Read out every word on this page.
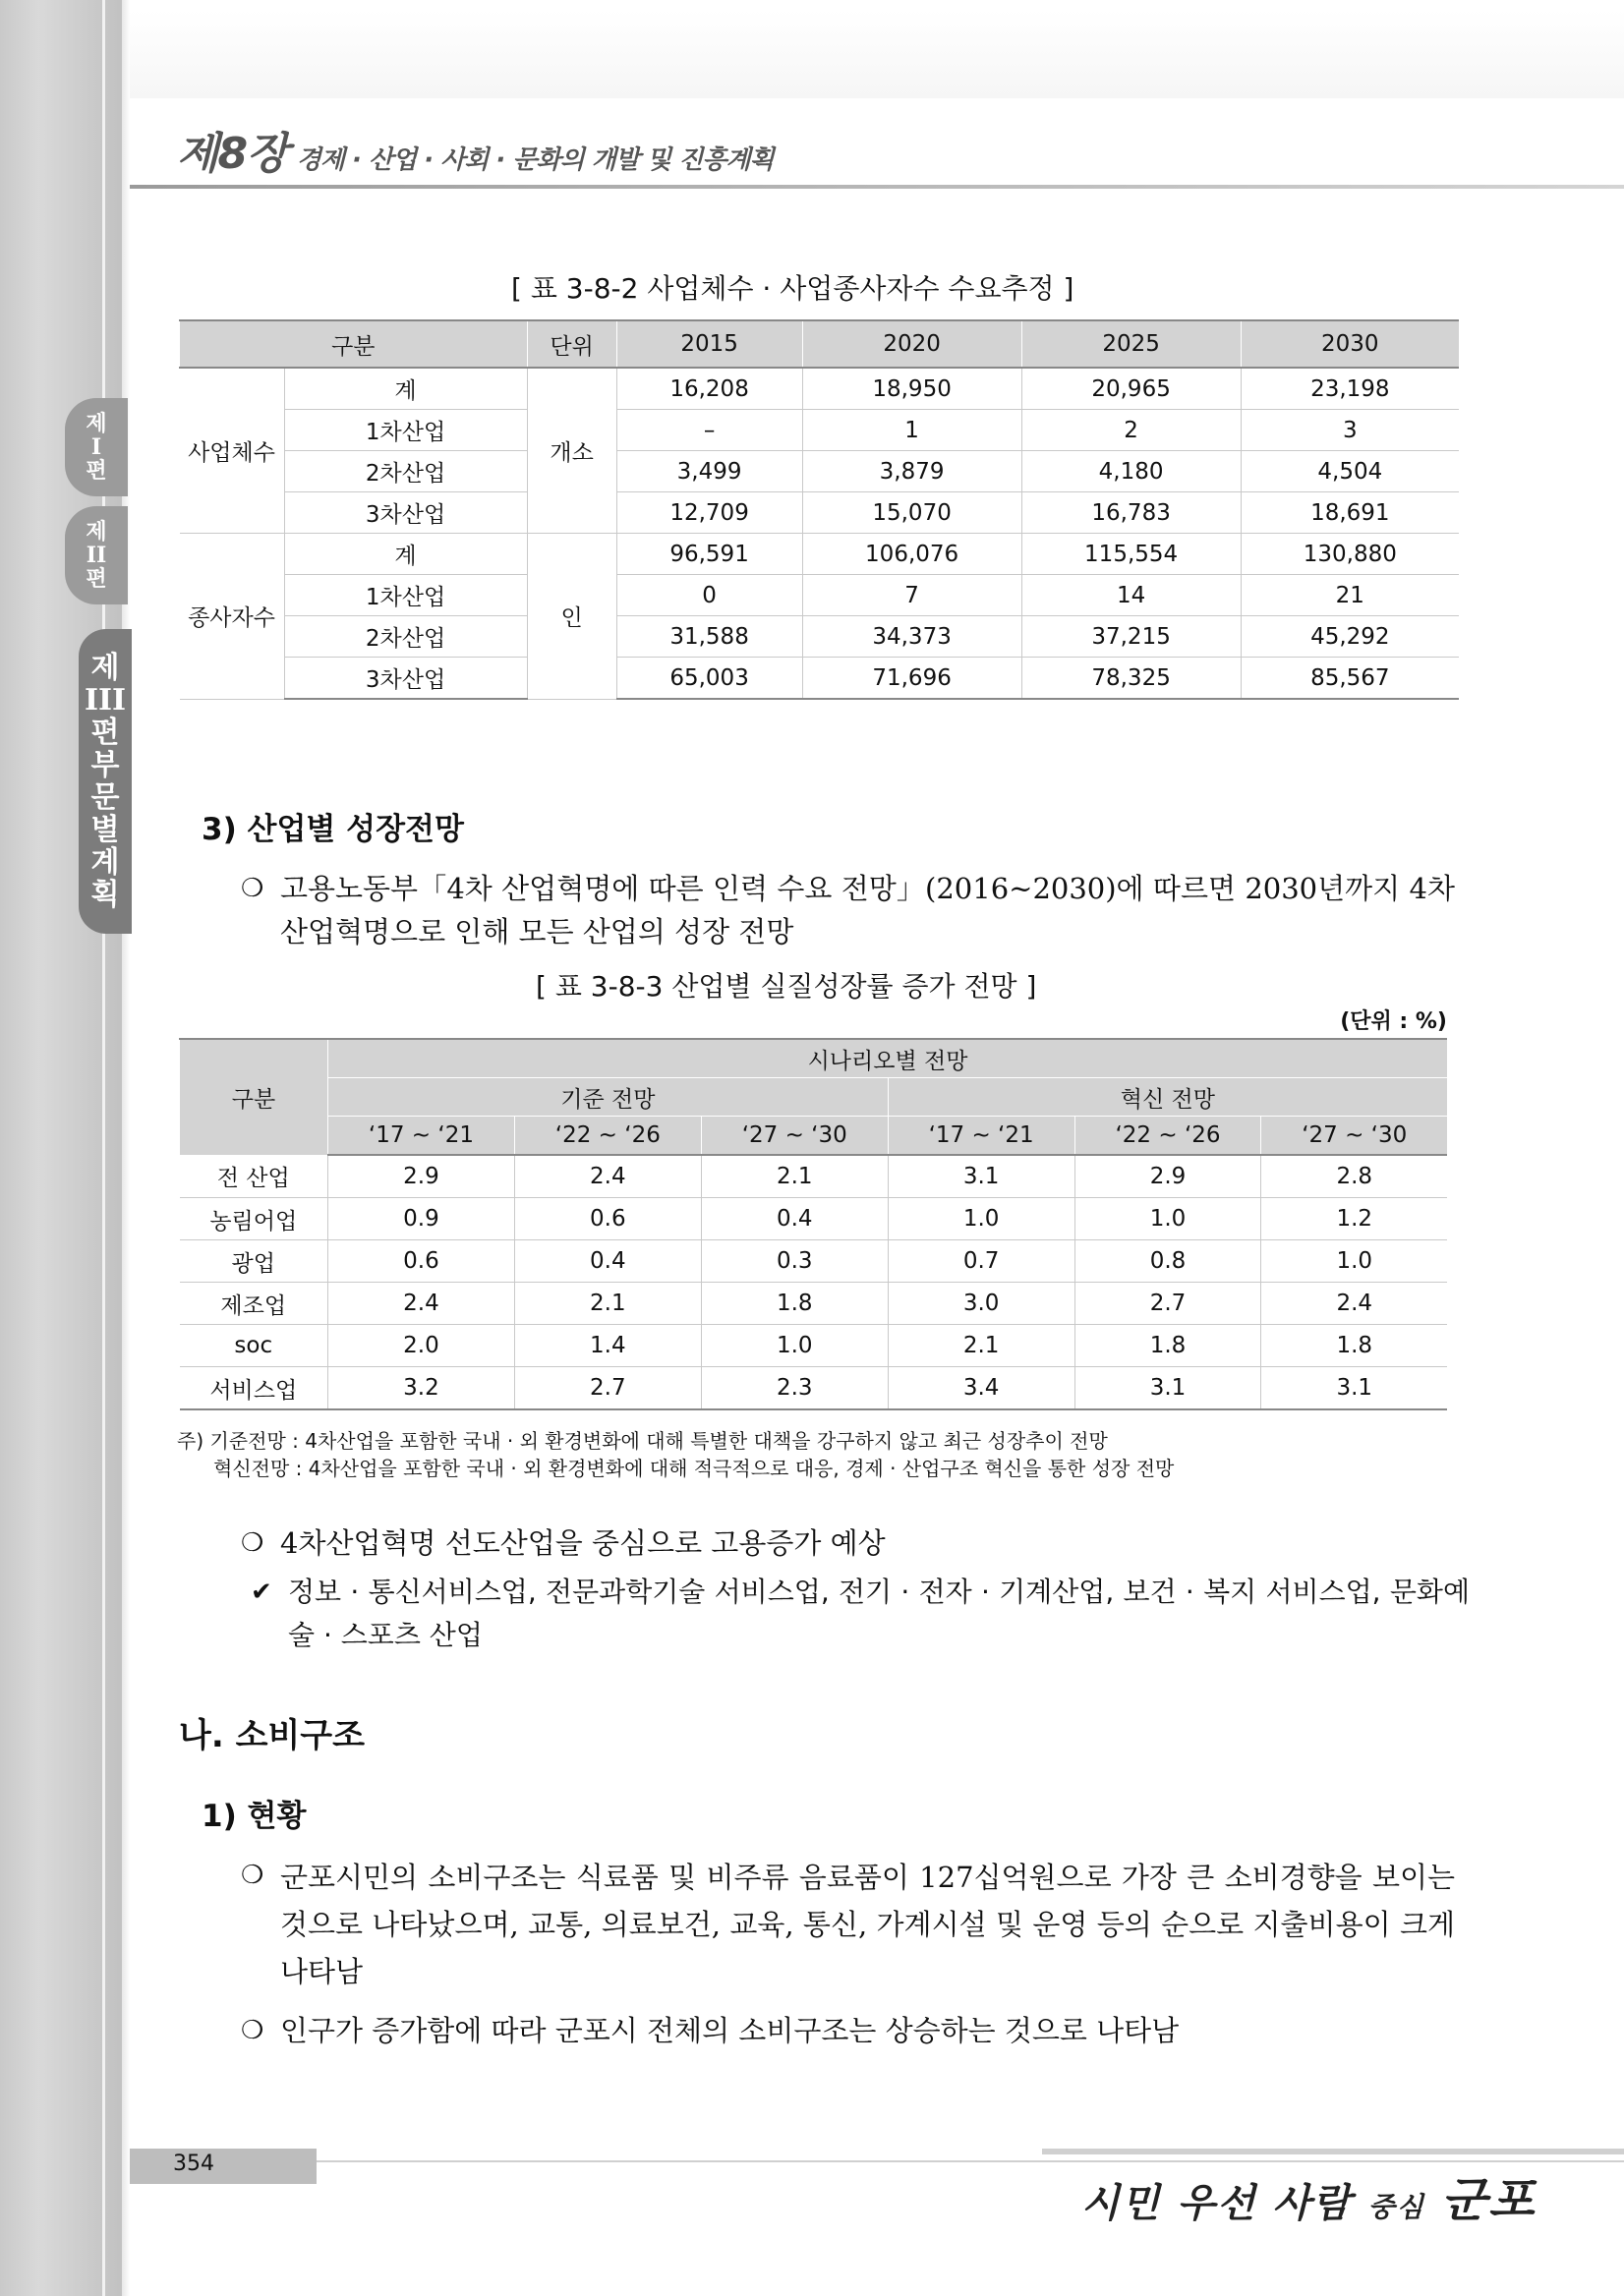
제8장 경제 · 산업 · 사회 · 문화의 개발 및 진흥계획
제
I
편
제
II
편
제
III
편
부
문
별
계
획
[ 표 3-8-2 사업체수 · 사업종사자수 수요추정 ]
구분		단위	2015	2020	2025	2030
사업체수	계	개소	16,208	18,950	20,965	23,198
	1차산업		–	1	2	3
	2차산업		3,499	3,879	4,180	4,504
	3차산업		12,709	15,070	16,783	18,691
종사자수	계	인	96,591	106,076	115,554	130,880
	1차산업		0	7	14	21
	2차산업		31,588	34,373	37,215	45,292
	3차산업		65,003	71,696	78,325	85,567
3) 산업별 성장전망
❍ 고용노동부「4차 산업혁명에 따른 인력 수요 전망」(2016~2030)에 따르면 2030년까지 4차산업혁명으로 인해 모든 산업의 성장 전망
[ 표 3-8-3 산업별 실질성장률 증가 전망 ]
(단위 : %)
구분	시나리오별 전망					
	기준 전망			혁신 전망		
	‘17 ~ ‘21	‘22 ~ ‘26	‘27 ~ ‘30	‘17 ~ ‘21	‘22 ~ ‘26	‘27 ~ ‘30
전 산업	2.9	2.4	2.1	3.1	2.9	2.8
농림어업	0.9	0.6	0.4	1.0	1.0	1.2
광업	0.6	0.4	0.3	0.7	0.8	1.0
제조업	2.4	2.1	1.8	3.0	2.7	2.4
soc	2.0	1.4	1.0	2.1	1.8	1.8
서비스업	3.2	2.7	2.3	3.4	3.1	3.1
주) 기준전망 : 4차산업을 포함한 국내 · 외 환경변화에 대해 특별한 대책을 강구하지 않고 최근 성장추이 전망
혁신전망 : 4차산업을 포함한 국내 · 외 환경변화에 대해 적극적으로 대응, 경제 · 산업구조 혁신을 통한 성장 전망
❍ 4차산업혁명 선도산업을 중심으로 고용증가 예상
✔ 정보 · 통신서비스업, 전문과학기술 서비스업, 전기 · 전자 · 기계산업, 보건 · 복지 서비스업, 문화예술 · 스포츠 산업
나. 소비구조
1) 현황
❍ 군포시민의 소비구조는 식료품 및 비주류 음료품이 127십억원으로 가장 큰 소비경향을 보이는 것으로 나타났으며, 교통, 의료보건, 교육, 통신, 가계시설 및 운영 등의 순으로 지출비용이 크게 나타남
❍ 인구가 증가함에 따라 군포시 전체의 소비구조는 상승하는 것으로 나타남
354
시민 우선 사람 중심 군포
